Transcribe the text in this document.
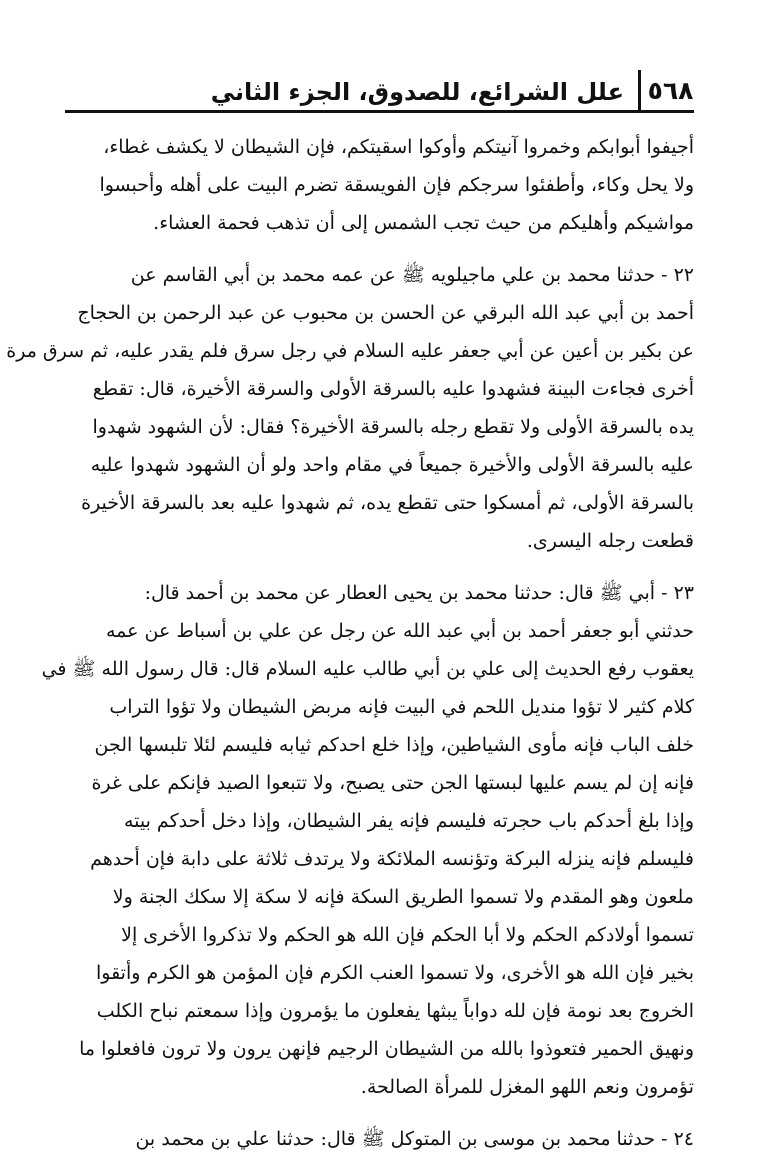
٥٦٨
علل الشرائع، للصدوق، الجزء الثاني

أجيفوا أبوابكم وخمروا آنيتكم وأوكوا اسقيتكم، فإن الشيطان لا يكشف غطاء،
ولا يحل وكاء، وأطفئوا سرجكم فإن الفويسقة تضرم البيت على أهله وأحبسوا
مواشيكم وأهليكم من حيث تجب الشمس إلى أن تذهب فحمة العشاء.

٢٢ - حدثنا محمد بن علي ماجيلويه ﷺ عن عمه محمد بن أبي القاسم عن
أحمد بن أبي عبد الله البرقي عن الحسن بن محبوب عن عبد الرحمن بن الحجاج
عن بكير بن أعين عن أبي جعفر عليه السلام في رجل سرق فلم يقدر عليه، ثم سرق مرة
أخرى فجاءت البينة فشهدوا عليه بالسرقة الأولى والسرقة الأخيرة، قال: تقطع
يده بالسرقة الأولى ولا تقطع رجله بالسرقة الأخيرة؟ فقال: لأن الشهود شهدوا
عليه بالسرقة الأولى والأخيرة جميعاً في مقام واحد ولو أن الشهود شهدوا عليه
بالسرقة الأولى، ثم أمسكوا حتى تقطع يده، ثم شهدوا عليه بعد بالسرقة الأخيرة
قطعت رجله اليسرى.

٢٣ - أبي ﷺ قال: حدثنا محمد بن يحيى العطار عن محمد بن أحمد قال:
حدثني أبو جعفر أحمد بن أبي عبد الله عن رجل عن علي بن أسباط عن عمه
يعقوب رفع الحديث إلى علي بن أبي طالب عليه السلام قال: قال رسول الله ﷺ في
كلام كثير لا تؤوا منديل اللحم في البيت فإنه مربض الشيطان ولا تؤوا التراب
خلف الباب فإنه مأوى الشياطين، وإذا خلع احدكم ثيابه فليسم لئلا تلبسها الجن
فإنه إن لم يسم عليها لبستها الجن حتى يصبح، ولا تتبعوا الصيد فإنكم على غرة
وإذا بلغ أحدكم باب حجرته فليسم فإنه يفر الشيطان، وإذا دخل أحدكم بيته
فليسلم فإنه ينزله البركة وتؤنسه الملائكة ولا يرتدف ثلاثة على دابة فإن أحدهم
ملعون وهو المقدم ولا تسموا الطريق السكة فإنه لا سكة إلا سكك الجنة ولا
تسموا أولادكم الحكم ولا أبا الحكم فإن الله هو الحكم ولا تذكروا الأخرى إلا
بخير فإن الله هو الأخرى، ولا تسموا العنب الكرم فإن المؤمن هو الكرم وأتقوا
الخروج بعد نومة فإن لله دواباً يبثها يفعلون ما يؤمرون وإذا سمعتم نباح الكلب
ونهيق الحمير فتعوذوا بالله من الشيطان الرجيم فإنهن يرون ولا ترون فافعلوا ما
تؤمرون ونعم اللهو المغزل للمرأة الصالحة.

٢٤ - حدثنا محمد بن موسى بن المتوكل ﷺ قال: حدثنا علي بن محمد بن
